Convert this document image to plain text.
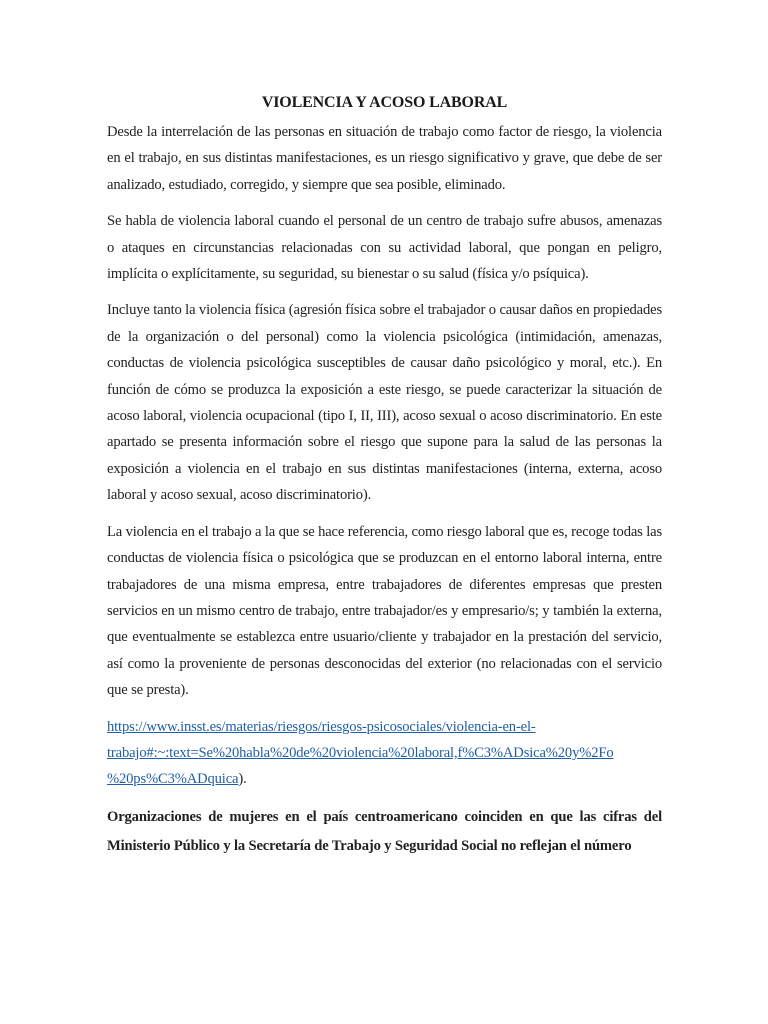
VIOLENCIA Y ACOSO LABORAL

Desde la interrelación de las personas en situación de trabajo como factor de riesgo, la violencia en el trabajo, en sus distintas manifestaciones, es un riesgo significativo y grave, que debe de ser analizado, estudiado, corregido, y siempre que sea posible, eliminado.

Se habla de violencia laboral cuando el personal de un centro de trabajo sufre abusos, amenazas o ataques en circunstancias relacionadas con su actividad laboral, que pongan en peligro, implícita o explícitamente, su seguridad, su bienestar o su salud (física y/o psíquica).

Incluye tanto la violencia física (agresión física sobre el trabajador o causar daños en propiedades de la organización o del personal) como la violencia psicológica (intimidación, amenazas, conductas de violencia psicológica susceptibles de causar daño psicológico y moral, etc.). En función de cómo se produzca la exposición a este riesgo, se puede caracterizar la situación de acoso laboral, violencia ocupacional (tipo I, II, III), acoso sexual o acoso discriminatorio. En este apartado se presenta información sobre el riesgo que supone para la salud de las personas la exposición a violencia en el trabajo en sus distintas manifestaciones (interna, externa, acoso laboral y acoso sexual, acoso discriminatorio).

La violencia en el trabajo a la que se hace referencia, como riesgo laboral que es, recoge todas las conductas de violencia física o psicológica que se produzcan en el entorno laboral interna, entre trabajadores de una misma empresa, entre trabajadores de diferentes empresas que presten servicios en un mismo centro de trabajo, entre trabajador/es y empresario/s; y también la externa, que eventualmente se establezca entre usuario/cliente y trabajador en la prestación del servicio, así como la proveniente de personas desconocidas del exterior (no relacionadas con el servicio que se presta).

https://www.insst.es/materias/riesgos/riesgos-psicosociales/violencia-en-el-
trabajo#:~:text=Se%20habla%20de%20violencia%20laboral,f%C3%ADsica%20y%2Fo
%20ps%C3%ADquica).

Organizaciones de mujeres en el país centroamericano coinciden en que las cifras del Ministerio Público y la Secretaría de Trabajo y Seguridad Social no reflejan el número
